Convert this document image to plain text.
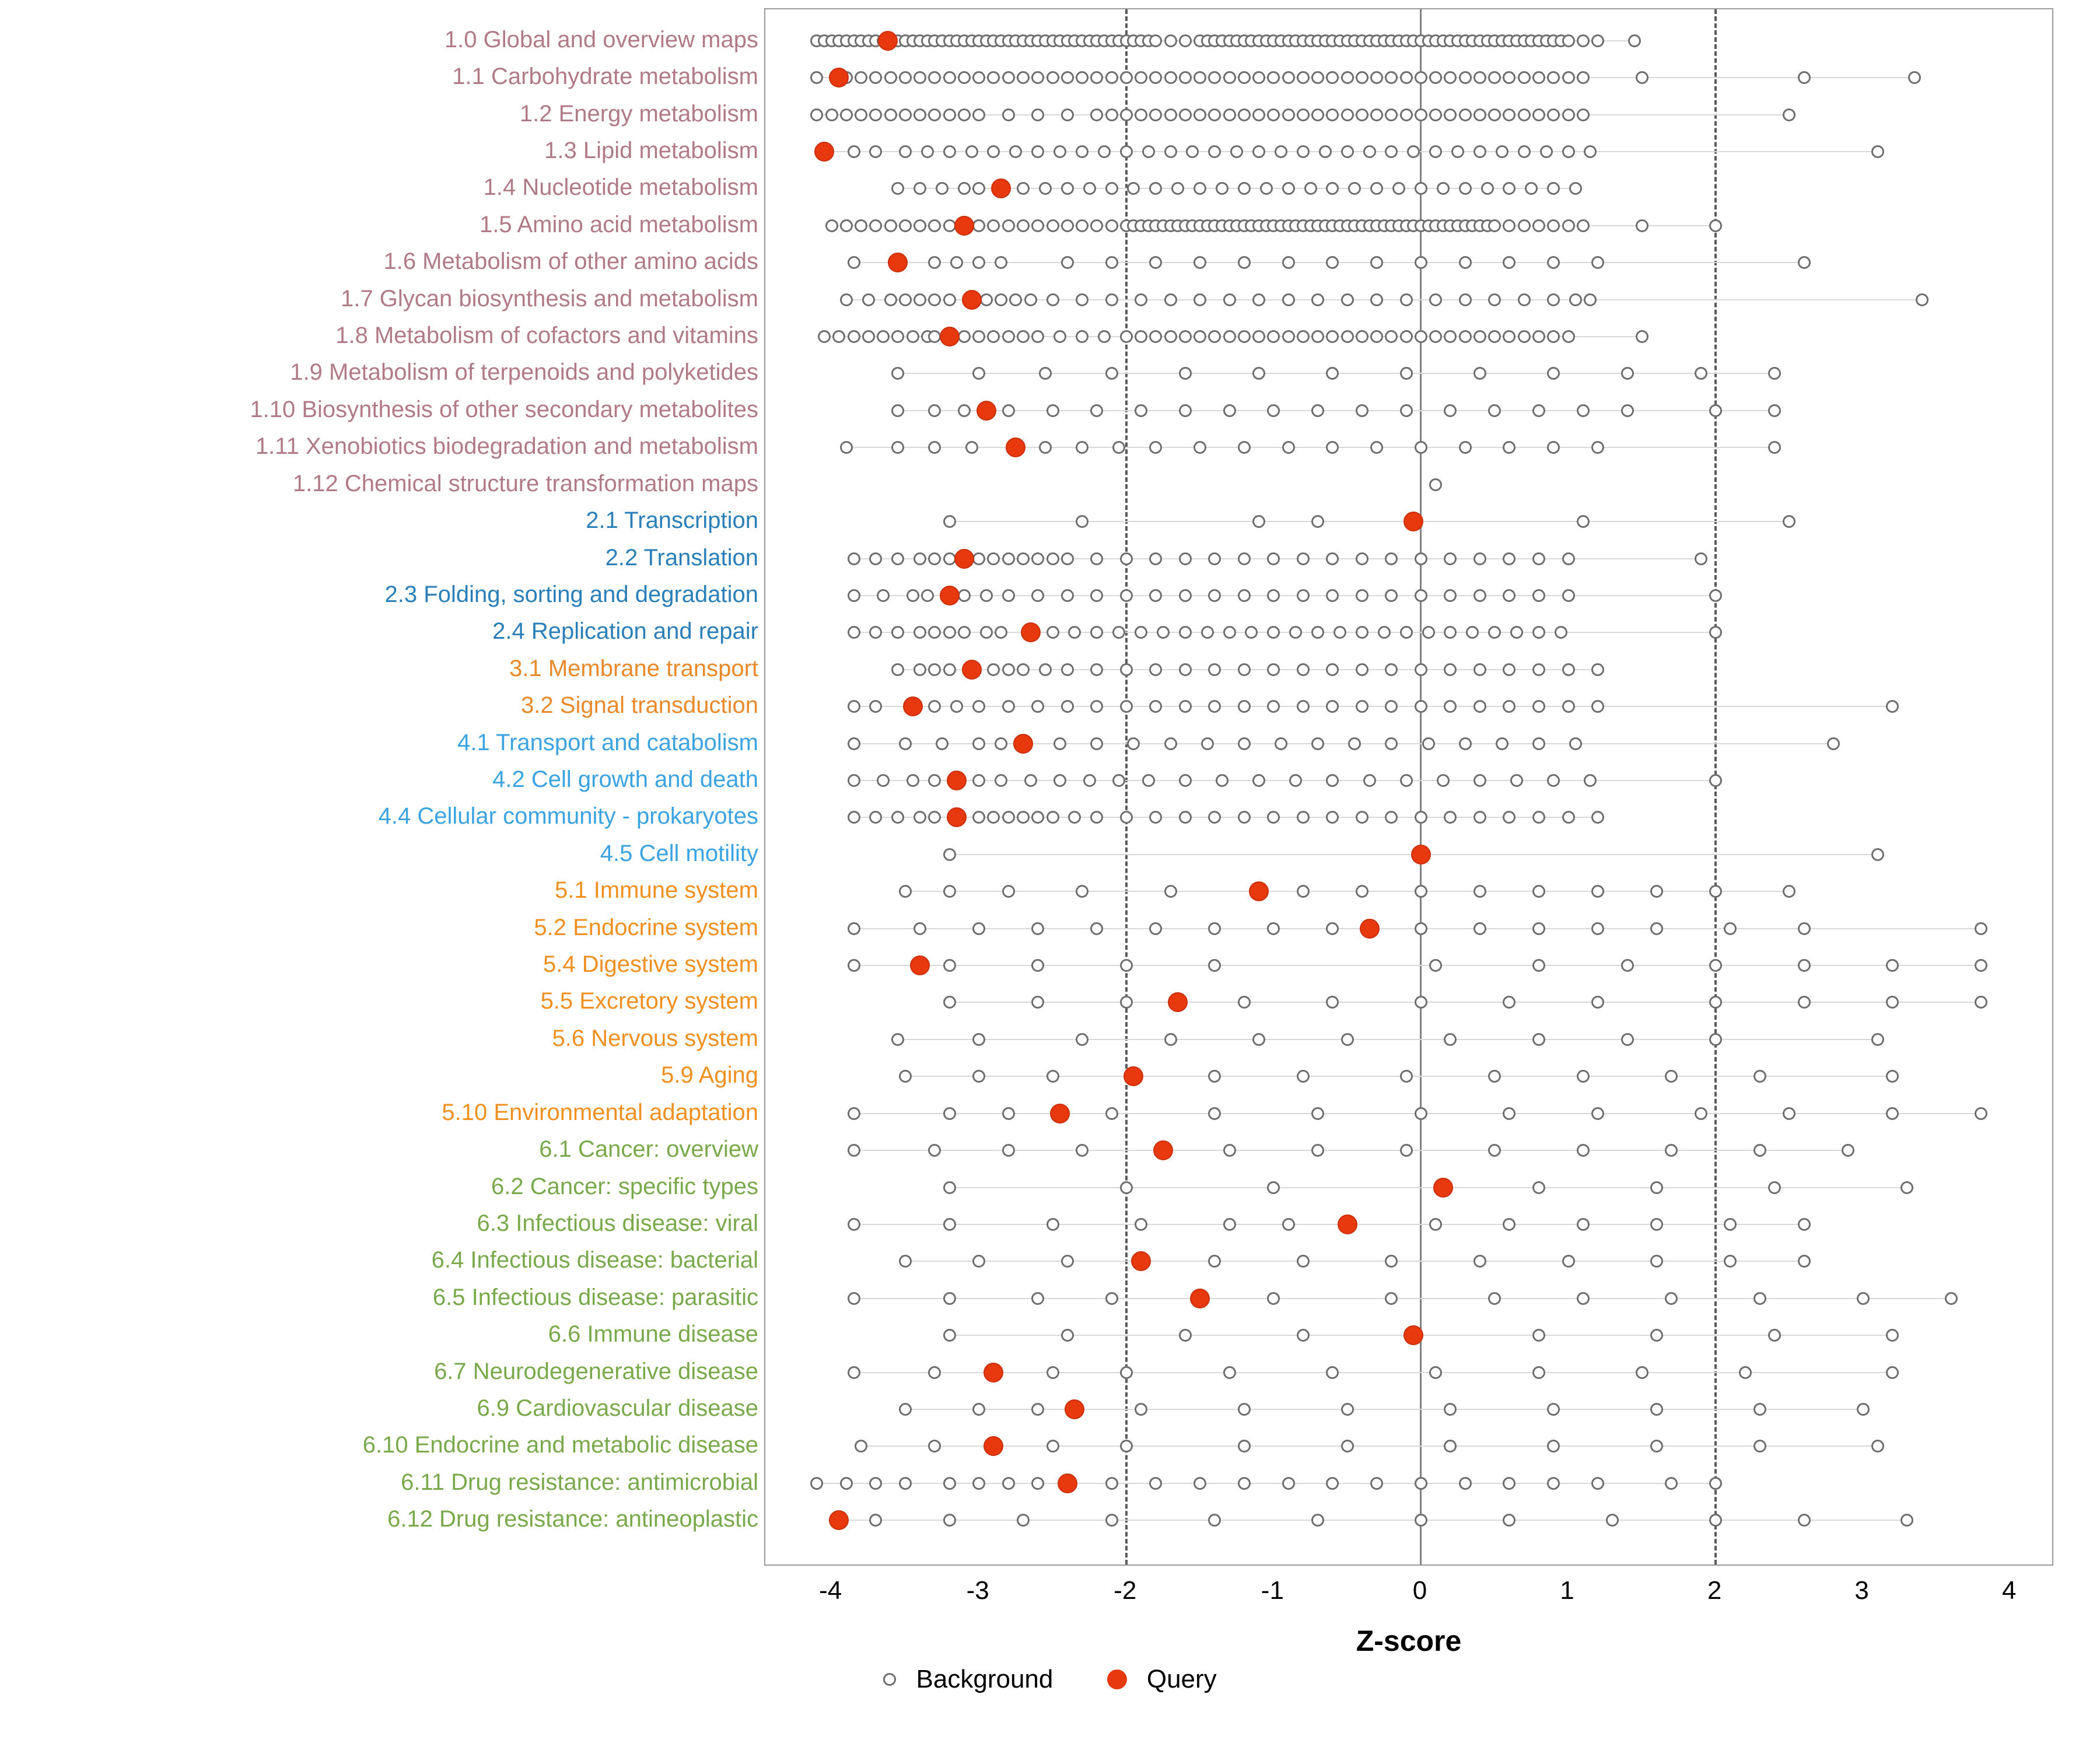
1.0 Global and overview maps
1.1 Carbohydrate metabolism
1.2 Energy metabolism
1.3 Lipid metabolism
1.4 Nucleotide metabolism
1.5 Amino acid metabolism
1.6 Metabolism of other amino acids
1.7 Glycan biosynthesis and metabolism
1.8 Metabolism of cofactors and vitamins
1.9 Metabolism of terpenoids and polyketides
1.10 Biosynthesis of other secondary metabolites
1.11 Xenobiotics biodegradation and metabolism
1.12 Chemical structure transformation maps
2.1 Transcription
2.2 Translation
2.3 Folding, sorting and degradation
2.4 Replication and repair
3.1 Membrane transport
3.2 Signal transduction
4.1 Transport and catabolism
4.2 Cell growth and death
4.4 Cellular community - prokaryotes
4.5 Cell motility
5.1 Immune system
5.2 Endocrine system
5.4 Digestive system
5.5 Excretory system
5.6 Nervous system
5.9 Aging
5.10 Environmental adaptation
6.1 Cancer: overview
6.2 Cancer: specific types
6.3 Infectious disease: viral
6.4 Infectious disease: bacterial
6.5 Infectious disease: parasitic
6.6 Immune disease
6.7 Neurodegenerative disease
6.9 Cardiovascular disease
6.10 Endocrine and metabolic disease
6.11 Drug resistance: antimicrobial
6.12 Drug resistance: antineoplastic
Background	Query
-4	-3	-2	-1	0	1	2	3	4
Z-score
